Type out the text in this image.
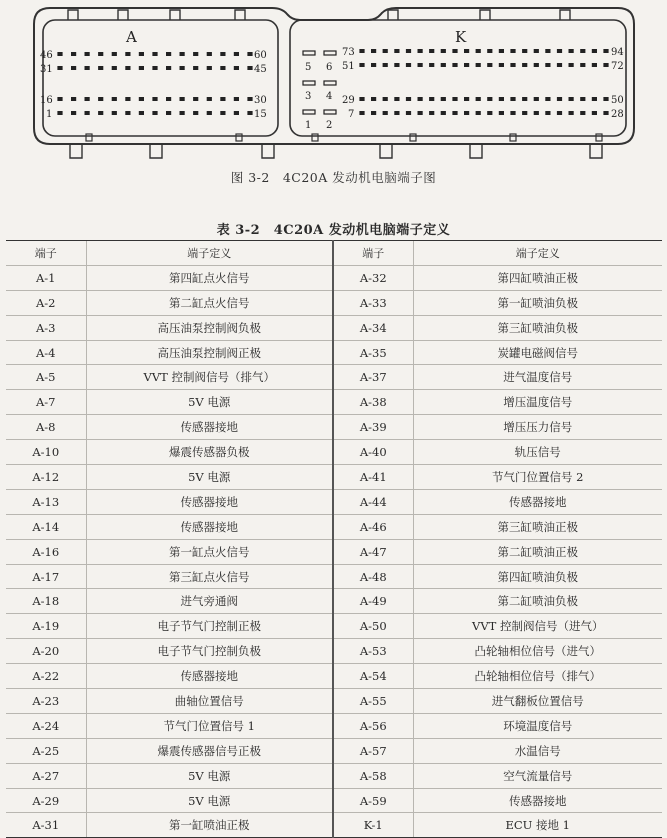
A	K
46	60
31	45
16	30
1	15
5 6
3 4
1 2
73	94
51	72
29	50
7	28
图 3-2　4C20A 发动机电脑端子图
表 3-2　4C20A 发动机电脑端子定义
端子	端子定义	端子	端子定义
A-1	第四缸点火信号	A-32	第四缸喷油正极
A-2	第二缸点火信号	A-33	第一缸喷油负极
A-3	高压油泵控制阀负极	A-34	第三缸喷油负极
A-4	高压油泵控制阀正极	A-35	炭罐电磁阀信号
A-5	VVT 控制阀信号（排气）	A-37	进气温度信号
A-7	5V 电源	A-38	增压温度信号
A-8	传感器接地	A-39	增压压力信号
A-10	爆震传感器负极	A-40	轨压信号
A-12	5V 电源	A-41	节气门位置信号 2
A-13	传感器接地	A-44	传感器接地
A-14	传感器接地	A-46	第三缸喷油正极
A-16	第一缸点火信号	A-47	第二缸喷油正极
A-17	第三缸点火信号	A-48	第四缸喷油负极
A-18	进气旁通阀	A-49	第二缸喷油负极
A-19	电子节气门控制正极	A-50	VVT 控制阀信号（进气）
A-20	电子节气门控制负极	A-53	凸轮轴相位信号（进气）
A-22	传感器接地	A-54	凸轮轴相位信号（排气）
A-23	曲轴位置信号	A-55	进气翻板位置信号
A-24	节气门位置信号 1	A-56	环境温度信号
A-25	爆震传感器信号正极	A-57	水温信号
A-27	5V 电源	A-58	空气流量信号
A-29	5V 电源	A-59	传感器接地
A-31	第一缸喷油正极	K-1	ECU 接地 1
